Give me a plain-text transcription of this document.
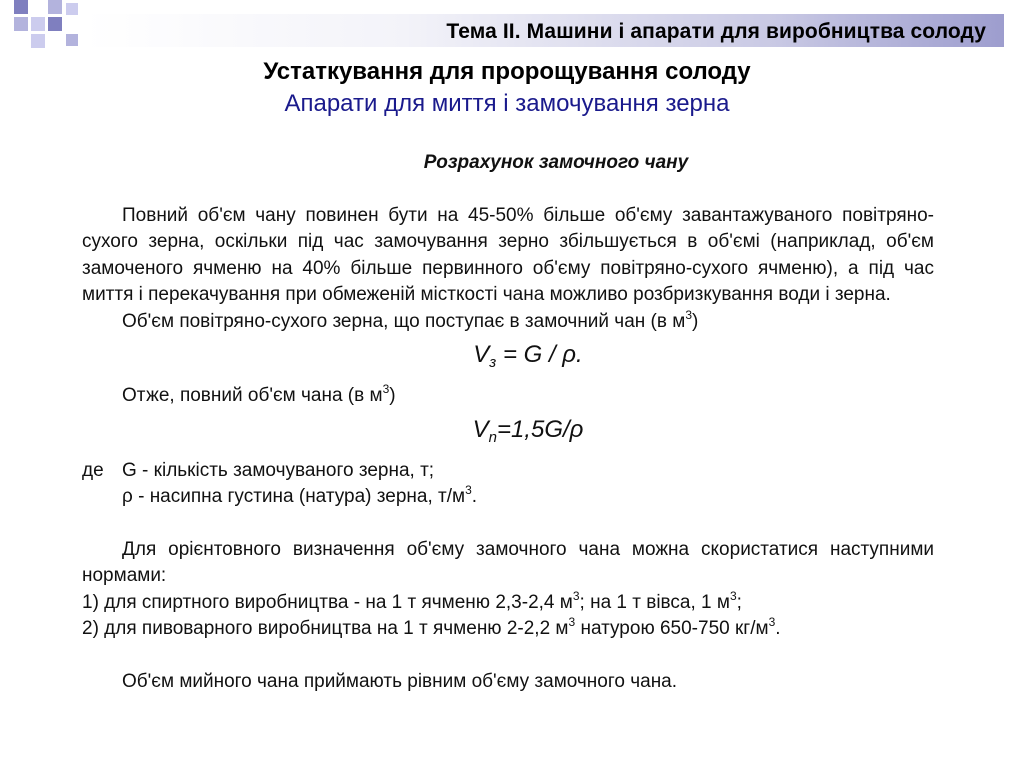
Тема ІІ. Машини і апарати для виробництва солоду
Устаткування для пророщування солоду
Апарати для миття і замочування зерна
Розрахунок замочного чану

Повний об'єм чану повинен бути на 45-50% більше об'єму завантажуваного повітряно-сухого зерна, оскільки під час замочування зерно збільшується в об'ємі (наприклад, об'єм замоченого ячменю на 40% більше первинного об'єму повітряно-сухого ячменю), а під час миття і перекачування при обмеженій місткості чана можливо розбризкування води і зерна.

Об'єм повітряно-сухого зерна, що поступає в замочний чан (в $м^3$)

$V_з = G / \rho$.

Отже, повний об'єм чана (в $м^3$)

$V_n=1,5G/\rho$

де G - кількість замочуваного зерна, т;

ρ - насипна густина (натура) зерна, $т/м^3$.

Для орієнтовного визначення об'єму замочного чана можна скористатися наступними нормами:

1) для спиртного виробництва - на 1 т ячменю 2,3-2,4 $м^3$; на 1 т вівса, 1 $м^3$;

2) для пивоварного виробництва на 1 т ячменю 2-2,2 $м^3$ натурою 650-750 $кг/м^3$.

Об'єм мийного чана приймають рівним об'єму замочного чана.
